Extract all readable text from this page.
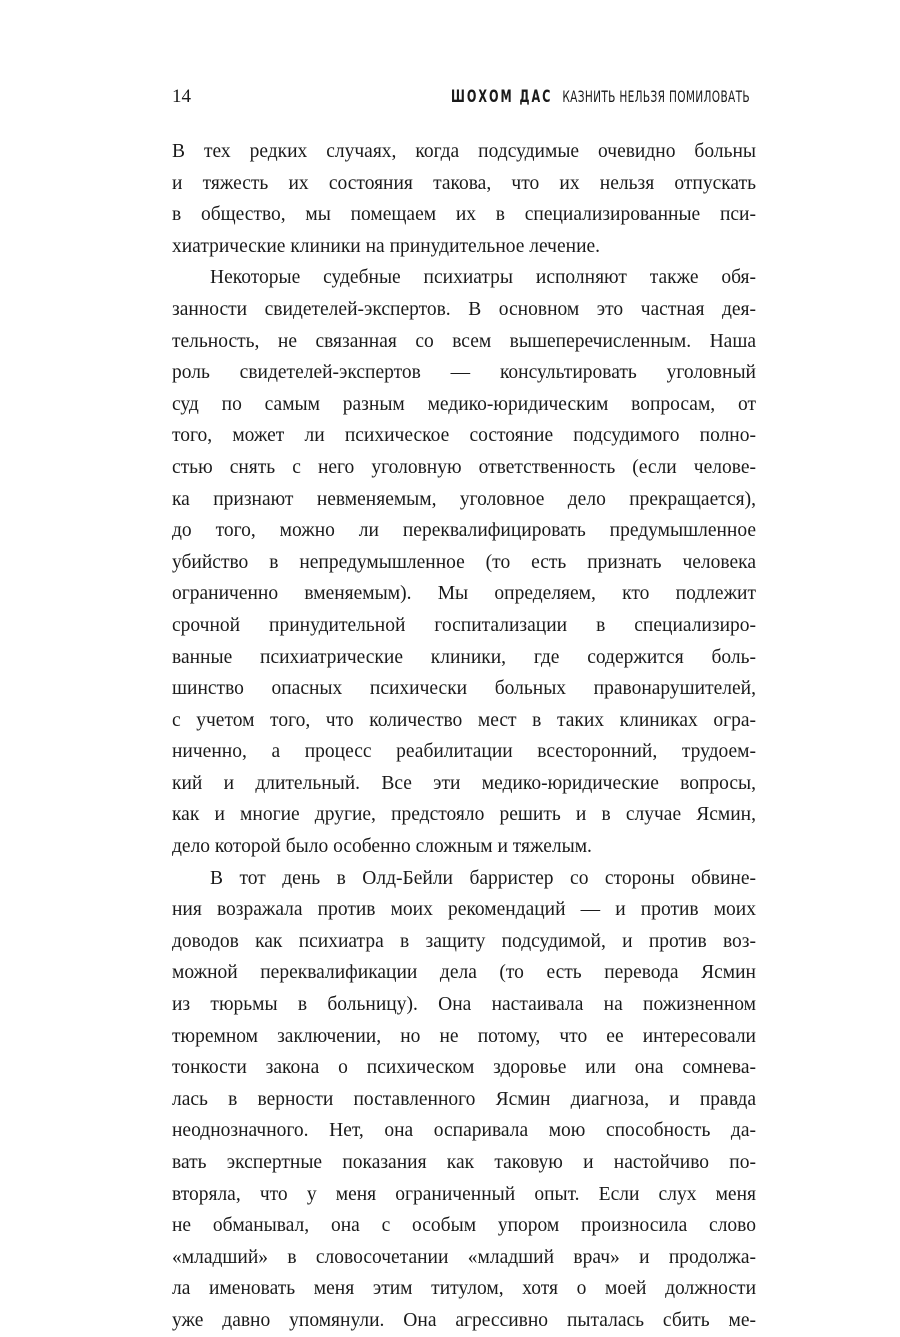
14	ШОХОМ ДАС КАЗНИТЬ НЕЛЬЗЯ ПОМИЛОВАТЬ

В тех редких случаях, когда подсудимые очевидно больны
и тяжесть их состояния такова, что их нельзя отпускать
в общество, мы помещаем их в специализированные пси-
хиатрические клиники на принудительное лечение.

Некоторые судебные психиатры исполняют также обя-
занности свидетелей-экспертов. В основном это частная дея-
тельность, не связанная со всем вышеперечисленным. Наша
роль свидетелей-экспертов — консультировать уголовный
суд по самым разным медико-юридическим вопросам, от
того, может ли психическое состояние подсудимого полно-
стью снять с него уголовную ответственность (если челове-
ка признают невменяемым, уголовное дело прекращается),
до того, можно ли переквалифицировать предумышленное
убийство в непредумышленное (то есть признать человека
ограниченно вменяемым). Мы определяем, кто подлежит
срочной принудительной госпитализации в специализиро-
ванные психиатрические клиники, где содержится боль-
шинство опасных психически больных правонарушителей,
с учетом того, что количество мест в таких клиниках огра-
ниченно, а процесс реабилитации всесторонний, трудоем-
кий и длительный. Все эти медико-юридические вопросы,
как и многие другие, предстояло решить и в случае Ясмин,
дело которой было особенно сложным и тяжелым.

В тот день в Олд-Бейли барристер со стороны обвине-
ния возражала против моих рекомендаций — и против моих
доводов как психиатра в защиту подсудимой, и против воз-
можной переквалификации дела (то есть перевода Ясмин
из тюрьмы в больницу). Она настаивала на пожизненном
тюремном заключении, но не потому, что ее интересовали
тонкости закона о психическом здоровье или она сомнева-
лась в верности поставленного Ясмин диагноза, и правда
неоднозначного. Нет, она оспаривала мою способность да-
вать экспертные показания как таковую и настойчиво по-
вторяла, что у меня ограниченный опыт. Если слух меня
не обманывал, она с особым упором произносила слово
«младший» в словосочетании «младший врач» и продолжа-
ла именовать меня этим титулом, хотя о моей должности
уже давно упомянули. Она агрессивно пыталась сбить ме-
